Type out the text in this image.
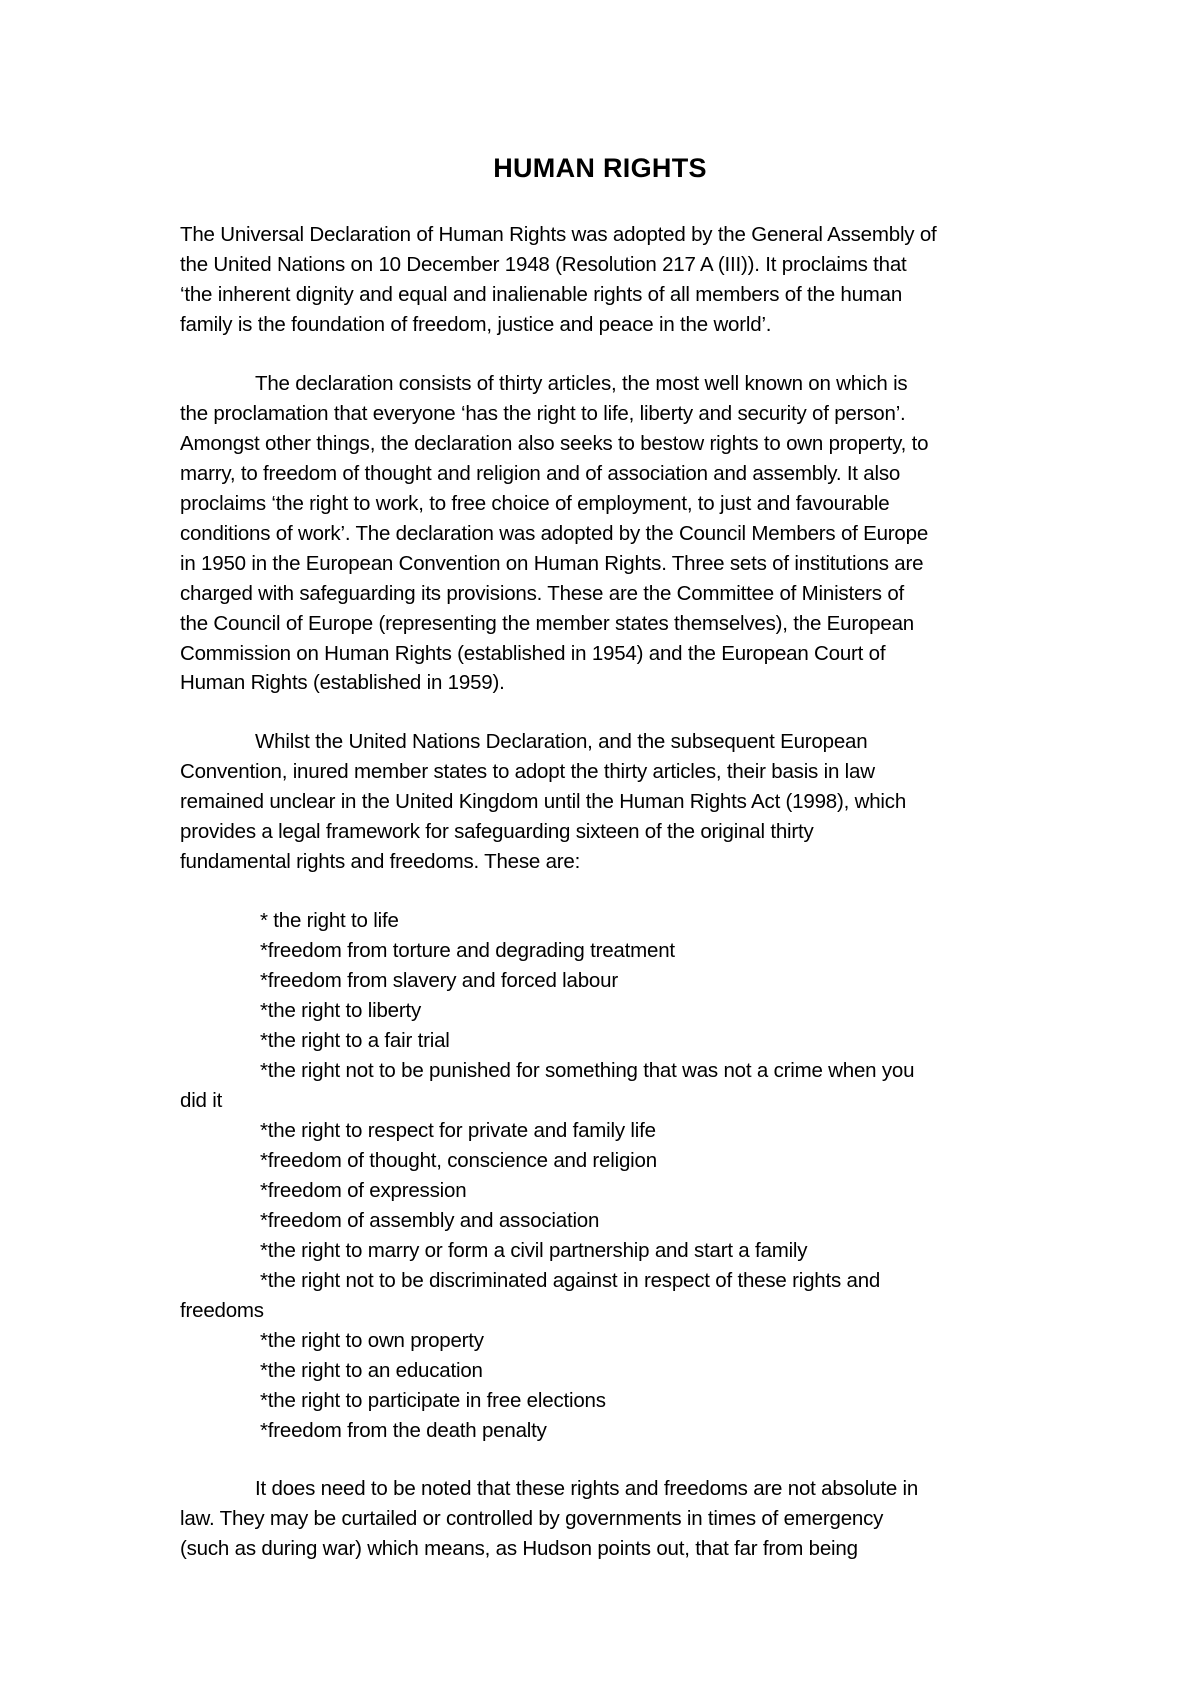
HUMAN RIGHTS
The Universal Declaration of Human Rights was adopted by the General Assembly of
the United Nations on 10 December 1948 (Resolution 217 A (III)). It proclaims that
‘the inherent dignity and equal and inalienable rights of all members of the human
family is the foundation of freedom, justice and peace in the world’.
The declaration consists of thirty articles, the most well known on which is
the proclamation that everyone ‘has the right to life, liberty and security of person’.
Amongst other things, the declaration also seeks to bestow rights to own property, to
marry, to freedom of thought and religion and of association and assembly. It also
proclaims ‘the right to work, to free choice of employment, to just and favourable
conditions of work’. The declaration was adopted by the Council Members of Europe
in 1950 in the European Convention on Human Rights. Three sets of institutions are
charged with safeguarding its provisions. These are the Committee of Ministers of
the Council of Europe (representing the member states themselves), the European
Commission on Human Rights (established in 1954) and the European Court of
Human Rights (established in 1959).
Whilst the United Nations Declaration, and the subsequent European
Convention, inured member states to adopt the thirty articles, their basis in law
remained unclear in the United Kingdom until the Human Rights Act (1998), which
provides a legal framework for safeguarding sixteen of the original thirty
fundamental rights and freedoms. These are:
* the right to life
*freedom from torture and degrading treatment
*freedom from slavery and forced labour
*the right to liberty
*the right to a fair trial
*the right not to be punished for something that was not a crime when you
did it
*the right to respect for private and family life
*freedom of thought, conscience and religion
*freedom of expression
*freedom of assembly and association
*the right to marry or form a civil partnership and start a family
*the right not to be discriminated against in respect of these rights and
freedoms
*the right to own property
*the right to an education
*the right to participate in free elections
*freedom from the death penalty
It does need to be noted that these rights and freedoms are not absolute in
law. They may be curtailed or controlled by governments in times of emergency
(such as during war) which means, as Hudson points out, that far from being
